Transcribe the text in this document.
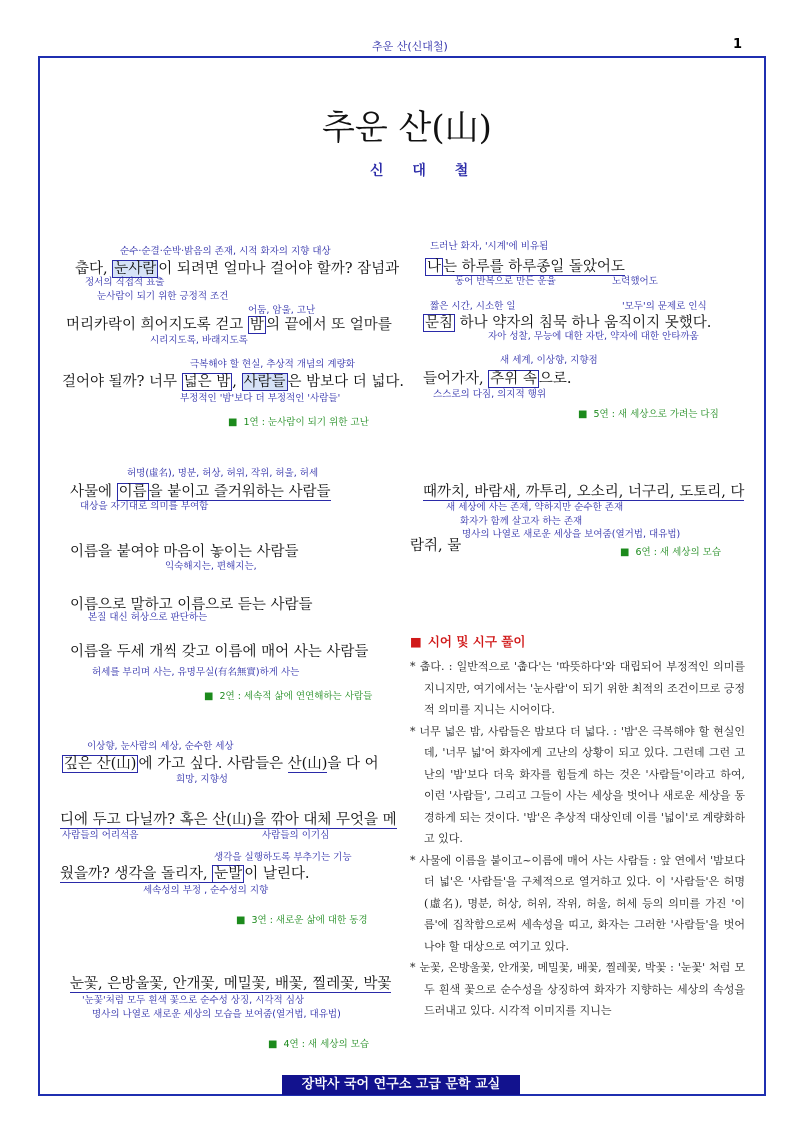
추운 산(신대철)	1
추운 산(山)
신 대 철
순수·순결·순박·밝음의 존재, 시적 화자의 지향 대상
춥다, 눈사람 이 되려면 얼마나 걸어야 할까? 잠넘과
정서의 직접적 표출
눈사람이 되기 위한 긍정적 조건
어둠, 암울, 고난
머리카락이 희어지도록 걷고 밤 의 끝에서 또 얼마를
시리지도록, 바래지도록
극복해야 할 현실, 추상적 개념의 계량화
걸어야 될까? 너무 넓은 밤 , 사람들 은 밤보다 더 넓다.
부정적인 '밤'보다 더 부정적인 '사람들'
■ 1연 : 눈사람이 되기 위한 고난
허명(虛名), 명분, 허상, 허위, 작위, 허울, 허세
사물에 이름 을 붙이고 즐거워하는 사람들
대상을 자기대로 의미를 부여함
이름을 붙여야 마음이 놓이는 사람들
익숙해지는, 편해지는,
이름으로 말하고 이름으로 듣는 사람들
본질 대신 허상으로 판단하는
이름을 두세 개씩 갖고 이름에 매어 사는 사람들
허세를 부리며 사는, 유명무실(有名無實)하게 사는
■ 2연 : 세속적 삶에 연연해하는 사람들
이상향, 눈사람의 세상, 순수한 세상
깊은 산(山) 에 가고 싶다. 사람들은 산(山)을 다 어
희망, 지향성
디에 두고 다닐까? 혹은 산(山)을 깎아 대체 무엇을 메
사람들의 어리석음	사람들의 이기심
생각을 실행하도록 부추기는 기능
웠을까? 생각을 돌리자, 눈발 이 날린다.
세속성의 부정 , 순수성의 지향
■ 3연 : 새로운 삶에 대한 동경
눈꽃, 은방울꽃, 안개꽃, 메밀꽃, 배꽃, 찔레꽃, 박꽃
'눈꽃'처럼 모두 흰색 꽃으로 순수성 상징, 시각적 심상
명사의 나열로 새로운 세상의 모습을 보여줌(열거법, 대유법)
■ 4연 : 새 세상의 모습
드러난 화자, '시계'에 비유됨
나 는 하루를 하루종일 돌았어도
동어 반복으로 만든 운율	노력했어도
짧은 시간, 시소한 일	'모두'의 문제로 인식
문침 하나 약자의 침묵 하나 움직이지 못했다.
자아 성찰, 무능에 대한 자탄, 약자에 대한 안타까움
새 세계, 이상향, 지향점
들어가자, 추위 속 으로.
스스로의 다짐, 의지적 행위
■ 5연 : 새 세상으로 가려는 다짐
때까치, 바람새, 까투리, 오소리, 너구리, 도토리, 다
새 세상에 사는 존재, 약하지만 순수한 존재
화자가 함께 살고자 하는 존재
명사의 나열로 새로운 세상을 보여줌(열거법, 대유법)
람쥐, 물
■	6연 : 새 세상의 모습
■ 시어 및 시구 풀이

* 춥다. : 일반적으로 '춥다'는 '따뜻하다'와 대립되어 부정적인 의미를 지니지만, 여기에서는 '눈사람'이 되기 위한 최적의 조건이므로 긍정적 의미를 지니는 시어이다.

* 너무 넓은 밤, 사람들은 밤보다 더 넓다. : '밤'은 극복해야 할 현실인데, '너무 넓'어 화자에게 고난의 상황이 되고 있다. 그런데 그런 고난의 '밤'보다 더욱 화자를 힘들게 하는 것은 '사람들'이라고 하여, 이런 '사람들', 그리고 그들이 사는 세상을 벗어나 새로운 세상을 동경하게 되는 것이다. '밤'은 추상적 대상인데 이를 '넓이'로 계량화하고 있다.

* 사물에 이름을 붙이고~이름에 매어 사는 사람들 : 앞 연에서 '밤보다 더 넓'은 '사람들'을 구체적으로 열거하고 있다. 이 '사람들'은 허명(虛名), 명분, 허상, 허위, 작위, 허울, 허세 등의 의미를 가진 '이름'에 집착함으로써 세속성을 띠고, 화자는 그러한 '사람들'을 벗어나야 할 대상으로 여기고 있다.

* 눈꽃, 은방울꽃, 안개꽃, 메밀꽃, 배꽃, 찔레꽃, 박꽃 : '눈꽃' 처럼 모두 흰색 꽃으로 순수성을 상징하여 화자가 지향하는 세상의 속성을 드러내고 있다. 시각적 이미지를 지니는

장박사 국어 연구소 고급 문학 교실
